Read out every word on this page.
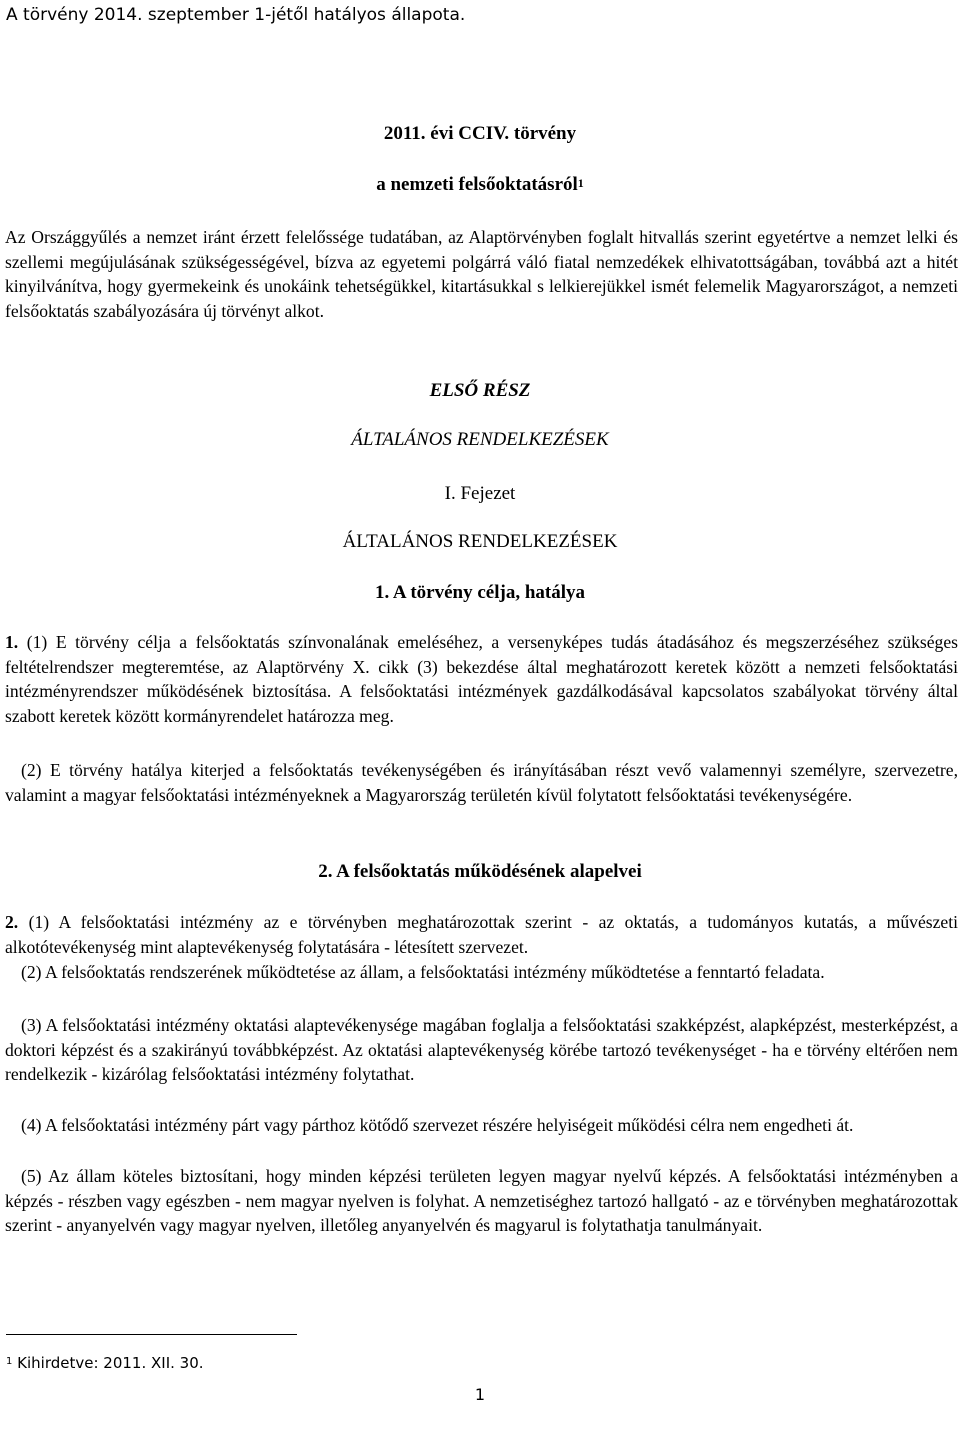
A törvény 2014. szeptember 1-jétől hatályos állapota.
2011. évi CCIV. törvény
a nemzeti felsőoktatásról$^1$

Az Országgyűlés a nemzet iránt érzett felelőssége tudatában, az Alaptörvényben foglalt hitvallás szerint egyetértve a nemzet lelki és szellemi megújulásának szükségességével, bízva az egyetemi polgárrá váló fiatal nemzedékek elhivatottságában, továbbá azt a hitét kinyilvánítva, hogy gyermekeink és unokáink tehetségükkel, kitartásukkal s lelkierejükkel ismét felemelik Magyarországot, a nemzeti felsőoktatás szabályozására új törvényt alkot.

ELSŐ RÉSZ
ÁLTALÁNOS RENDELKEZÉSEK
I. Fejezet
ÁLTALÁNOS RENDELKEZÉSEK
1. A törvény célja, hatálya

1. (1) E törvény célja a felsőoktatás színvonalának emeléséhez, a versenyképes tudás átadásához és megszerzéséhez szükséges feltételrendszer megteremtése, az Alaptörvény X. cikk (3) bekezdése által meghatározott keretek között a nemzeti felsőoktatási intézményrendszer működésének biztosítása. A felsőoktatási intézmények gazdálkodásával kapcsolatos szabályokat törvény által szabott keretek között kormányrendelet határozza meg.

(2) E törvény hatálya kiterjed a felsőoktatás tevékenységében és irányításában részt vevő valamennyi személyre, szervezetre, valamint a magyar felsőoktatási intézményeknek a Magyarország területén kívül folytatott felsőoktatási tevékenységére.

2. A felsőoktatás működésének alapelvei

2. (1) A felsőoktatási intézmény az e törvényben meghatározottak szerint - az oktatás, a tudományos kutatás, a művészeti alkotótevékenység mint alaptevékenység folytatására - létesített szervezet.

(2) A felsőoktatás rendszerének működtetése az állam, a felsőoktatási intézmény működtetése a fenntartó feladata.

(3) A felsőoktatási intézmény oktatási alaptevékenysége magában foglalja a felsőoktatási szakképzést, alapképzést, mesterképzést, a doktori képzést és a szakirányú továbbképzést. Az oktatási alaptevékenység körébe tartozó tevékenységet - ha e törvény eltérően nem rendelkezik - kizárólag felsőoktatási intézmény folytathat.

(4) A felsőoktatási intézmény párt vagy párthoz kötődő szervezet részére helyiségeit működési célra nem engedheti át.

(5) Az állam köteles biztosítani, hogy minden képzési területen legyen magyar nyelvű képzés. A felsőoktatási intézményben a képzés - részben vagy egészben - nem magyar nyelven is folyhat. A nemzetiséghez tartozó hallgató - az e törvényben meghatározottak szerint - anyanyelvén vagy magyar nyelven, illetőleg anyanyelvén és magyarul is folytathatja tanulmányait.

$^1$ Kihirdetve: 2011. XII. 30.
1
